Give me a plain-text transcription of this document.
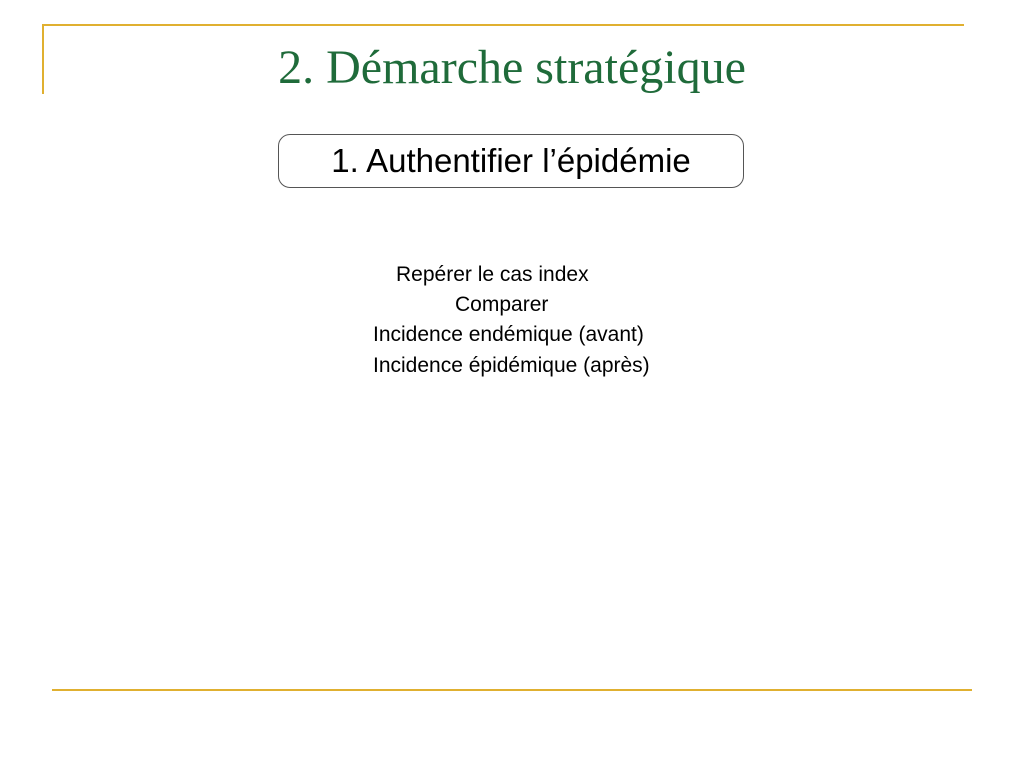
2. Démarche stratégique
1. Authentifier l’épidémie
Repérer le cas index
Comparer
Incidence endémique (avant)
Incidence épidémique (après)
